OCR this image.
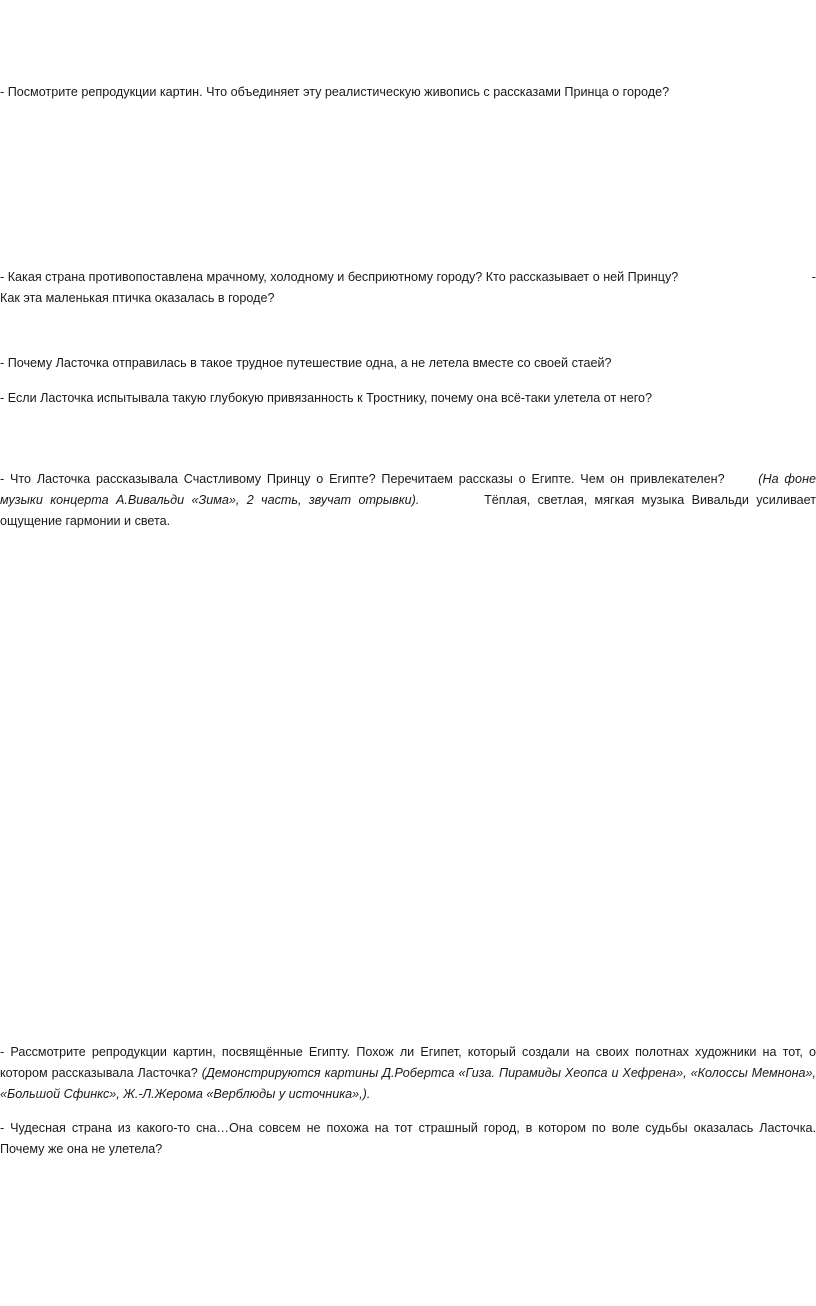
- Посмотрите репродукции картин. Что объединяет эту реалистическую живопись с рассказами Принца о городе?

- Какая страна противопоставлена мрачному, холодному и бесприютному городу? Кто рассказывает о ней Принцу?	-
Как эта маленькая птичка оказалась в городе?

- Почему Ласточка отправилась в такое трудное путешествие одна, а не летела вместе со своей стаей?

- Если Ласточка испытывала такую глубокую привязанность к Тростнику, почему она всё-таки улетела от него?

- Что Ласточка рассказывала Счастливому Принцу о Египте? Перечитаем рассказы о Египте. Чем он привлекателен?	(На фоне музыки концерта А.Вивальди «Зима», 2 часть, звучат отрывки).	Тёплая, светлая, мягкая музыка Вивальди усиливает ощущение гармонии и света.

- Рассмотрите репродукции картин, посвящённые Египту. Похож ли Египет, который создали на своих полотнах художники на тот, о котором рассказывала Ласточка? (Демонстрируются картины Д.Робертса «Гиза. Пирамиды Хеопса и Хефрена», «Колоссы Мемнона», «Большой Сфинкс», Ж.-Л.Жерома «Верблюды у источника»,).

- Чудесная страна из какого-то сна…Она совсем не похожа на тот страшный город, в котором по воле судьбы оказалась Ласточка. Почему же она не улетела?
